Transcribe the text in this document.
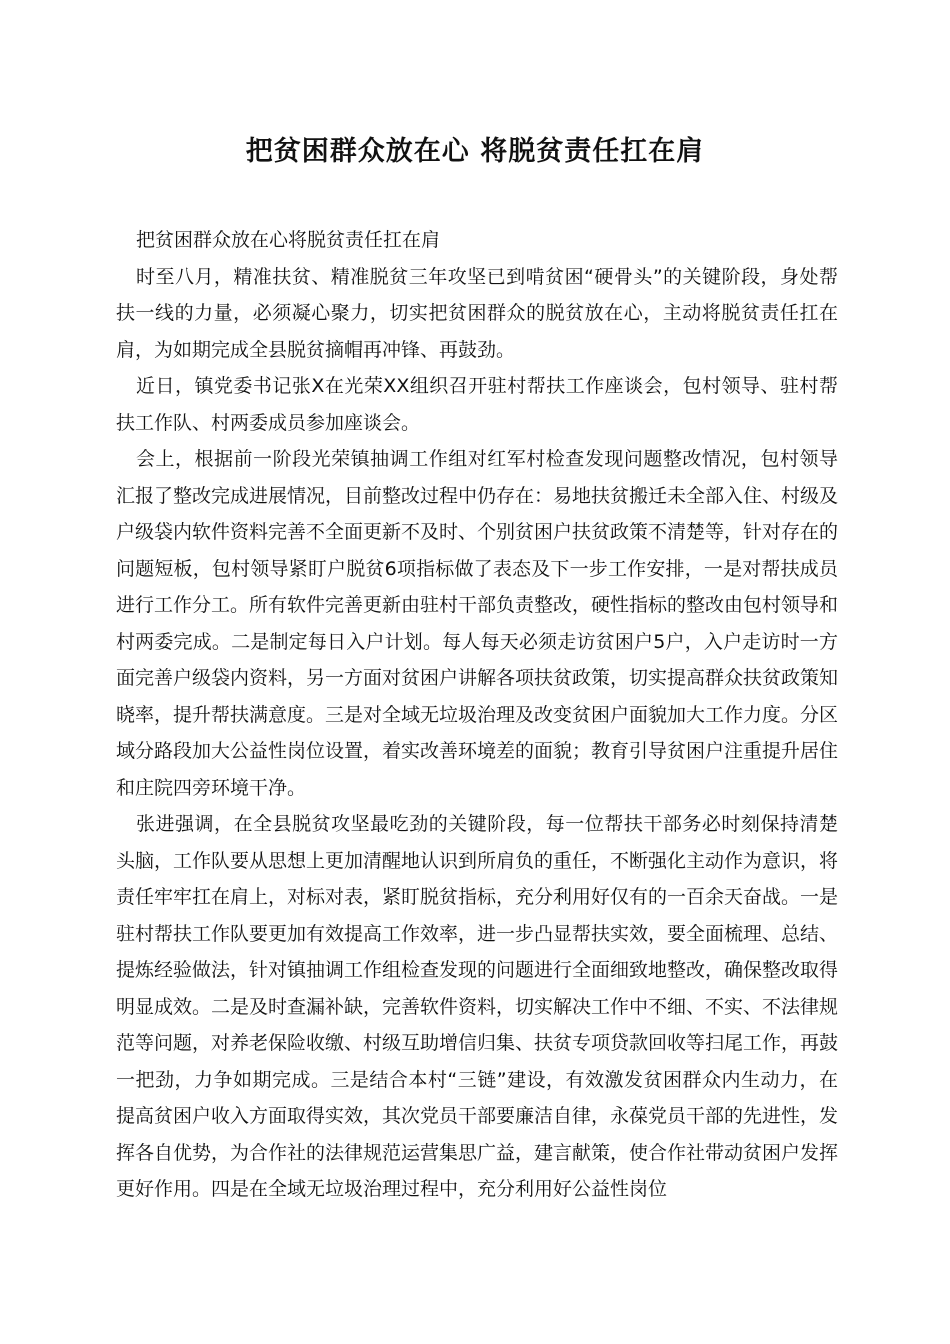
把贫困群众放在心 将脱贫责任扛在肩

把贫困群众放在心将脱贫责任扛在肩

时至八月，精准扶贫、精准脱贫三年攻坚已到啃贫困“硬骨头”的关键阶段，身处帮扶一线的力量，必须凝心聚力，切实把贫困群众的脱贫放在心，主动将脱贫责任扛在肩，为如期完成全县脱贫摘帽再冲锋、再鼓劲。

近日，镇党委书记张X在光荣XX组织召开驻村帮扶工作座谈会，包村领导、驻村帮扶工作队、村两委成员参加座谈会。

会上，根据前一阶段光荣镇抽调工作组对红军村检查发现问题整改情况，包村领导汇报了整改完成进展情况，目前整改过程中仍存在：易地扶贫搬迁未全部入住、村级及户级袋内软件资料完善不全面更新不及时、个别贫困户扶贫政策不清楚等，针对存在的问题短板，包村领导紧盯户脱贫6项指标做了表态及下一步工作安排，一是对帮扶成员进行工作分工。所有软件完善更新由驻村干部负责整改，硬性指标的整改由包村领导和村两委完成。二是制定每日入户计划。每人每天必须走访贫困户5户，入户走访时一方面完善户级袋内资料，另一方面对贫困户讲解各项扶贫政策，切实提高群众扶贫政策知晓率，提升帮扶满意度。三是对全域无垃圾治理及改变贫困户面貌加大工作力度。分区域分路段加大公益性岗位设置，着实改善环境差的面貌；教育引导贫困户注重提升居住和庄院四旁环境干净。

张进强调，在全县脱贫攻坚最吃劲的关键阶段，每一位帮扶干部务必时刻保持清楚头脑，工作队要从思想上更加清醒地认识到所肩负的重任，不断强化主动作为意识，将责任牢牢扛在肩上，对标对表，紧盯脱贫指标，充分利用好仅有的一百余天奋战。一是驻村帮扶工作队要更加有效提高工作效率，进一步凸显帮扶实效，要全面梳理、总结、提炼经验做法，针对镇抽调工作组检查发现的问题进行全面细致地整改，确保整改取得明显成效。二是及时查漏补缺，完善软件资料，切实解决工作中不细、不实、不法律规范等问题，对养老保险收缴、村级互助增信归集、扶贫专项贷款回收等扫尾工作，再鼓一把劲，力争如期完成。三是结合本村“三链”建设，有效激发贫困群众内生动力，在提高贫困户收入方面取得实效，其次党员干部要廉洁自律，永葆党员干部的先进性，发挥各自优势，为合作社的法律规范运营集思广益，建言献策，使合作社带动贫困户发挥更好作用。四是在全域无垃圾治理过程中，充分利用好公益性岗位
